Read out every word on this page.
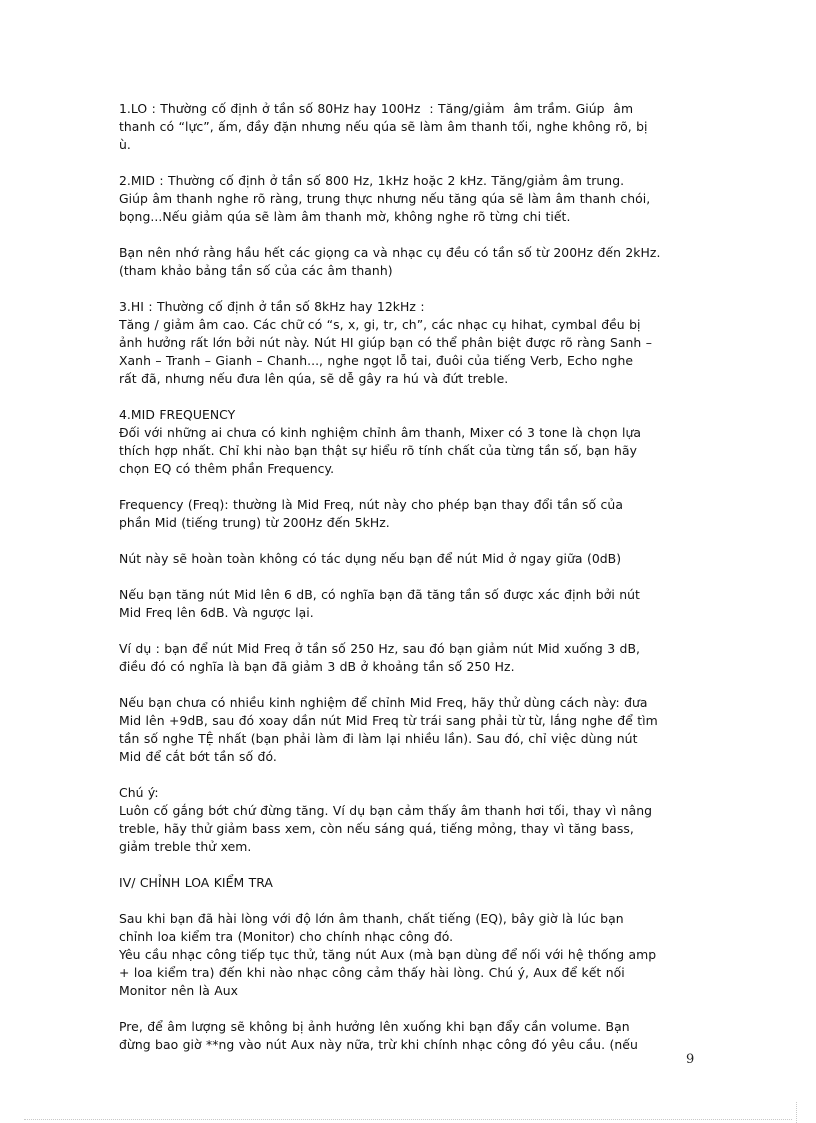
1.LO : Thường cố định ở tần số 80Hz hay 100Hz  : Tăng/giảm  âm trầm. Giúp  âm

thanh có “lực”, ấm, đầy đặn nhưng nếu qúa sẽ làm âm thanh tối, nghe không rõ, bị

ù.

2.MID : Thường cố định ở tần số 800 Hz, 1kHz hoặc 2 kHz. Tăng/giảm âm trung.

Giúp âm thanh nghe rõ ràng, trung thực nhưng nếu tăng qúa sẽ làm âm thanh chói,

bọng...Nếu giảm qúa sẽ làm âm thanh mờ, không nghe rõ từng chi tiết.

Bạn nên nhớ rằng hầu hết các giọng ca và nhạc cụ đều có tần số từ 200Hz đến 2kHz.

(tham khảo bảng tần số của các âm thanh)

3.HI : Thường cố định ở tần số 8kHz hay 12kHz :

Tăng / giảm âm cao. Các chữ có “s, x, gi, tr, ch”, các nhạc cụ hihat, cymbal đều bị

ảnh hưởng rất lớn bởi nút này. Nút HI giúp bạn có thể phân biệt được rõ ràng Sanh –

Xanh – Tranh – Gianh – Chanh..., nghe ngọt lỗ tai, đuôi của tiếng Verb, Echo nghe

rất đã, nhưng nếu đưa lên qúa, sẽ dễ gây ra hú và đứt treble.

4.MID FREQUENCY

Đối với những ai chưa có kinh nghiệm chỉnh âm thanh, Mixer có 3 tone là chọn lựa

thích hợp nhất. Chỉ khi nào bạn thật sự hiểu rõ tính chất của từng tần số, bạn hãy

chọn EQ có thêm phần Frequency.

Frequency (Freq): thường là Mid Freq, nút này cho phép bạn thay đổi tần số của

phần Mid (tiếng trung) từ 200Hz đến 5kHz.

Nút này sẽ hoàn toàn không có tác dụng nếu bạn để nút Mid ở ngay giữa (0dB)

Nếu bạn tăng nút Mid lên 6 dB, có nghĩa bạn đã tăng tần số được xác định bởi nút

Mid Freq lên 6dB. Và ngược lại.

Ví dụ : bạn để nút Mid Freq ở tần số 250 Hz, sau đó bạn giảm nút Mid xuống 3 dB,

điều đó có nghĩa là bạn đã giảm 3 dB ở khoảng tần số 250 Hz.

Nếu bạn chưa có nhiều kinh nghiệm để chỉnh Mid Freq, hãy thử dùng cách này: đưa

Mid lên +9dB, sau đó xoay dần nút Mid Freq từ trái sang phải từ từ, lắng nghe để tìm

tần số nghe TỆ nhất (bạn phải làm đi làm lại nhiều lần). Sau đó, chỉ việc dùng nút

Mid để cắt bớt tần số đó.

Chú ý:

Luôn cố gắng bớt chứ đừng tăng. Ví dụ bạn cảm thấy âm thanh hơi tối, thay vì nâng

treble, hãy thử giảm bass xem, còn nếu sáng quá, tiếng mỏng, thay vì tăng bass,

giảm treble thử xem.

IV/ CHỈNH LOA KIỂM TRA

Sau khi bạn đã hài lòng với độ lớn âm thanh, chất tiếng (EQ), bây giờ là lúc bạn

chỉnh loa kiểm tra (Monitor) cho chính nhạc công đó.

Yêu cầu nhạc công tiếp tục thử, tăng nút Aux (mà bạn dùng để nối với hệ thống amp

+ loa kiểm tra) đến khi nào nhạc công cảm thấy hài lòng. Chú ý, Aux để kết nối

Monitor nên là Aux

Pre, để âm lượng sẽ không bị ảnh hưởng lên xuống khi bạn đẩy cần volume. Bạn

đừng bao giờ **ng vào nút Aux này nữa, trừ khi chính nhạc công đó yêu cầu. (nếu

9
